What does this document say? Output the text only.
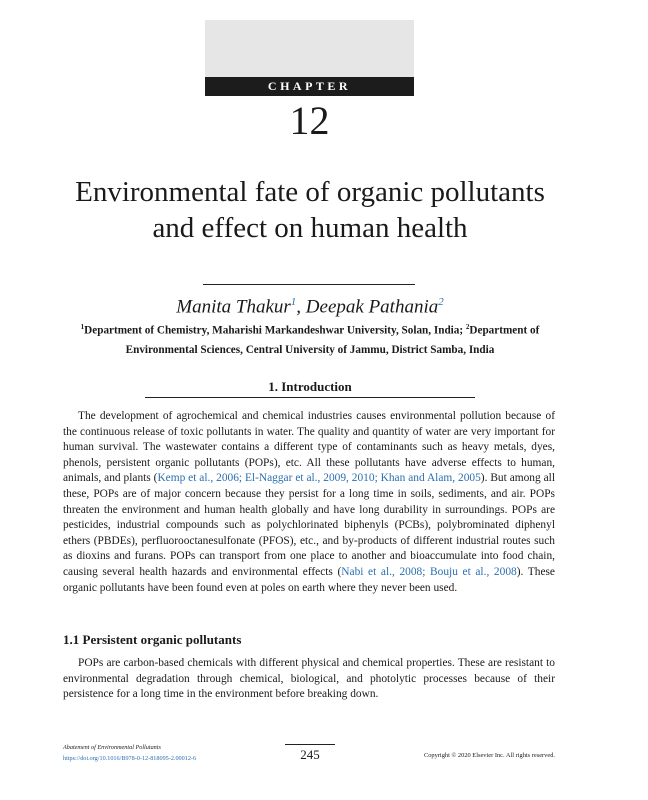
CHAPTER
12
Environmental fate of organic pollutants and effect on human health
Manita Thakur$^1$, Deepak Pathania$^2$
$^1$Department of Chemistry, Maharishi Markandeshwar University, Solan, India; $^2$Department of Environmental Sciences, Central University of Jammu, District Samba, India
1. Introduction

The development of agrochemical and chemical industries causes environmental pollution because of the continuous release of toxic pollutants in water. The quality and quantity of water are very important for human survival. The wastewater contains a different type of contaminants such as heavy metals, dyes, phenols, persistent organic pollutants (POPs), etc. All these pollutants have adverse effects to human, animals, and plants (Kemp et al., 2006; El-Naggar et al., 2009, 2010; Khan and Alam, 2005). But among all these, POPs are of major concern because they persist for a long time in soils, sediments, and air. POPs threaten the environment and human health globally and have long durability in surroundings. POPs are pesticides, industrial compounds such as polychlorinated biphenyls (PCBs), polybrominated diphenyl ethers (PBDEs), perfluorooctanesulfonate (PFOS), etc., and by-products of different industrial routes such as dioxins and furans. POPs can transport from one place to another and bioaccumulate into food chain, causing several health hazards and environmental effects (Nabi et al., 2008; Bouju et al., 2008). These organic pollutants have been found even at poles on earth where they never been used.

1.1 Persistent organic pollutants

POPs are carbon-based chemicals with different physical and chemical properties. These are resistant to environmental degradation through chemical, biological, and photolytic processes because of their persistence for a long time in the environment before breaking down.

Abatement of Environmental Pollutants
https://doi.org/10.1016/B978-0-12-818095-2.00012-6	245	Copyright © 2020 Elsevier Inc. All rights reserved.
